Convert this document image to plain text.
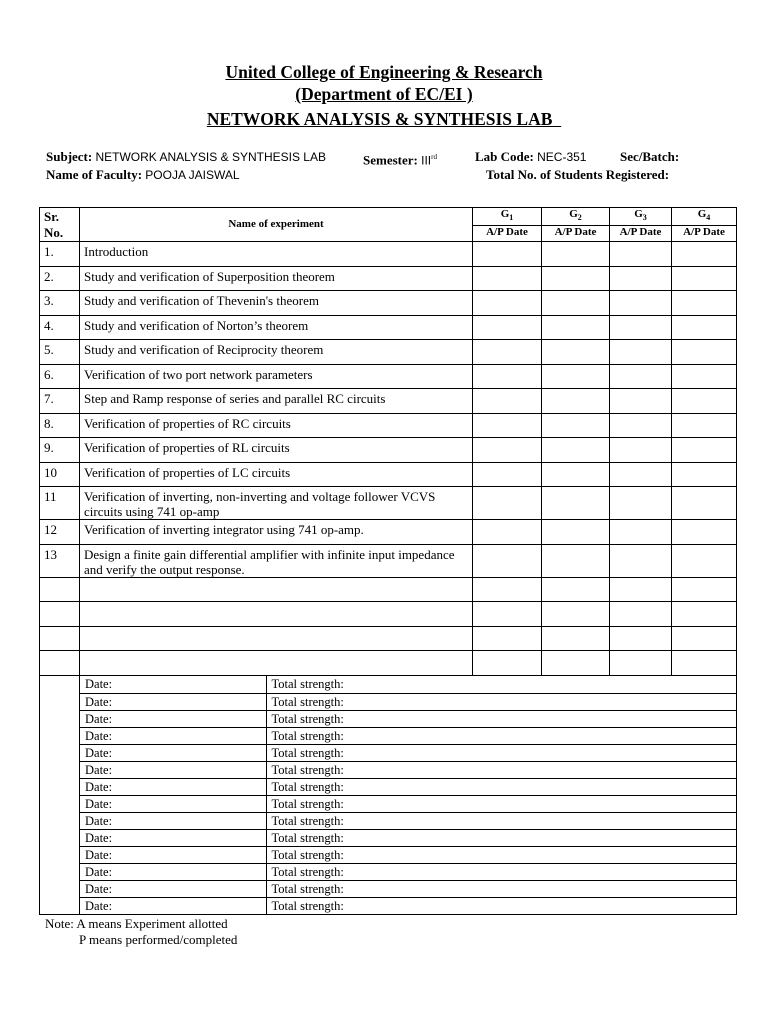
United College of Engineering & Research
(Department of EC/EI )
NETWORK ANALYSIS & SYNTHESIS LAB
Subject: NETWORK ANALYSIS & SYNTHESIS LAB	Semester: IIIrd	Lab Code: NEC-351	Sec/Batch:
Name of Faculty: POOJA JAISWAL	Total No. of Students Registered:
Sr. No.	Name of experiment	$G_1$	$G_2$	$G_3$	$G_4$
A/P Date	A/P Date	A/P Date	A/P Date
1.	Introduction				
2.	Study and verification of Superposition theorem				
3.	Study and verification of Thevenin's theorem				
4.	Study and verification of Norton’s theorem				
5.	Study and verification of Reciprocity theorem				
6.	Verification of two port network parameters				
7.	Step and Ramp response of series and parallel RC circuits				
8.	Verification of properties of RC circuits				
9.	Verification of properties of RL circuits				
10	Verification of properties of LC circuits				
11	Verification of inverting, non-inverting and voltage follower VCVS circuits using 741 op-amp				
12	Verification of inverting integrator using 741 op-amp.				
13	Design a finite gain differential amplifier with infinite input impedance and verify the output response.				

Date:	Total strength:
Date:	Total strength:
Date:	Total strength:
Date:	Total strength:
Date:	Total strength:
Date:	Total strength:
Date:	Total strength:
Date:	Total strength:
Date:	Total strength:
Date:	Total strength:
Date:	Total strength:
Date:	Total strength:
Date:	Total strength:
Date:	Total strength:
Note: A means Experiment allotted
P means performed/completed
